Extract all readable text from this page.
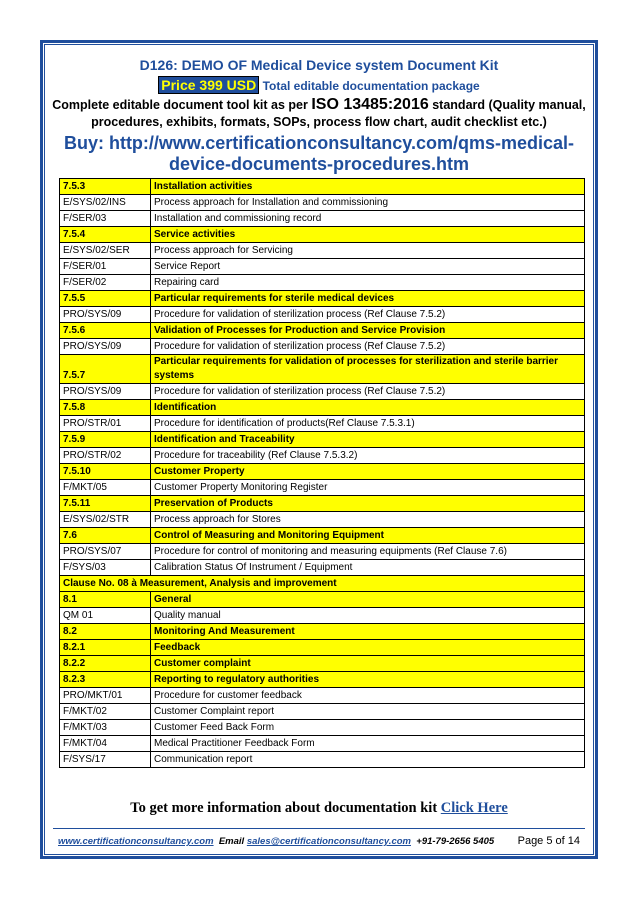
D126: DEMO OF Medical Device system Document Kit
Price 399 USD Total editable documentation package
Complete editable document tool kit as per ISO 13485:2016 standard (Quality manual, procedures, exhibits, formats, SOPs, process flow chart, audit checklist etc.)
Buy: http://www.certificationconsultancy.com/qms-medical-
device-documents-procedures.htm
7.5.3	Installation activities
E/SYS/02/INS	Process approach for Installation and commissioning
F/SER/03	Installation and commissioning record
7.5.4	Service activities
E/SYS/02/SER	Process approach for Servicing
F/SER/01	Service Report
F/SER/02	Repairing card
7.5.5	Particular requirements for sterile medical devices
PRO/SYS/09	Procedure for validation of sterilization process (Ref Clause 7.5.2)
7.5.6	Validation of Processes for Production and Service Provision
PRO/SYS/09	Procedure for validation of sterilization process (Ref Clause 7.5.2)
7.5.7	Particular requirements for validation of processes for sterilization and sterile barrier systems
PRO/SYS/09	Procedure for validation of sterilization process (Ref Clause 7.5.2)
7.5.8	Identification
PRO/STR/01	Procedure for identification of products(Ref Clause 7.5.3.1)
7.5.9	Identification and Traceability
PRO/STR/02	Procedure for traceability (Ref Clause 7.5.3.2)
7.5.10	Customer Property
F/MKT/05	Customer Property Monitoring Register
7.5.11	Preservation of Products
E/SYS/02/STR	Process approach for Stores
7.6	Control of Measuring and Monitoring Equipment
PRO/SYS/07	Procedure for control of monitoring and measuring equipments (Ref Clause 7.6)
F/SYS/03	Calibration Status Of Instrument / Equipment
Clause No. 08 à Measurement, Analysis and improvement	
8.1	General
QM 01	Quality manual
8.2	Monitoring And Measurement
8.2.1	Feedback
8.2.2	Customer complaint
8.2.3	Reporting to regulatory authorities
PRO/MKT/01	Procedure for customer feedback
F/MKT/02	Customer Complaint report
F/MKT/03	Customer Feed Back Form
F/MKT/04	Medical Practitioner Feedback Form
F/SYS/17	Communication report
To get more information about documentation kit Click Here
www.certificationconsultancy.com Email sales@certificationconsultancy.com +91-79-2656 5405 Page 5 of 14
